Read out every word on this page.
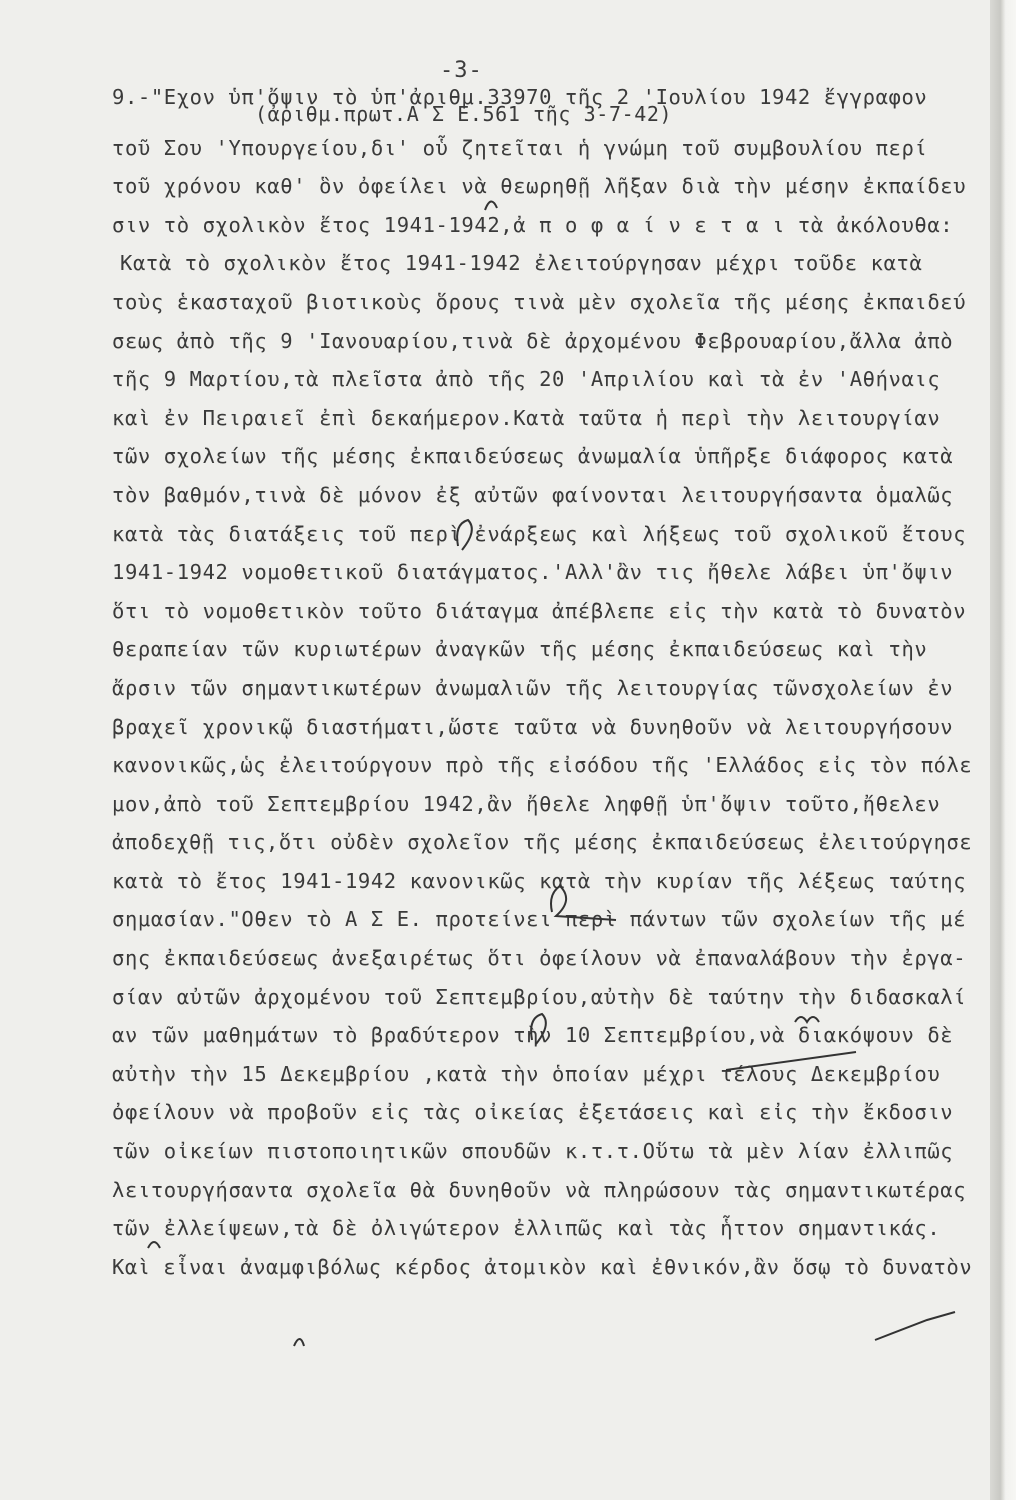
-3-
(ἀριθμ.πρωτ.Α Σ Ε.561 τῆς 3-7-42)
9.-"Εχον ὑπ'ὄψιν τὸ ὑπ'ἀριθμ.33970 τῆς 2 'Ιουλίου 1942 ἔγγραφον
τοῦ Σου 'Υπουργείου,δι' οὗ ζητεῖται ἡ γνώμη τοῦ συμβουλίου περί
τοῦ χρόνου καθ' ὃν ὀφείλει νὰ θεωρηθῇ λῆξαν διὰ τὴν μέσην ἐκπαίδευ
σιν τὸ σχολικὸν ἔτος 1941-1942,ἀ π ο φ α ί ν ε τ α ι τὰ ἀκόλουθα:
Κατὰ τὸ σχολικὸν ἔτος 1941-1942 ἐλειτούργησαν μέχρι τοῦδε κατὰ
τοὺς ἑκασταχοῦ βιοτικοὺς ὅρους τινὰ μὲν σχολεῖα τῆς μέσης ἐκπαιδεύ
σεως ἀπὸ τῆς 9 'Ιανουαρίου,τινὰ δὲ ἀρχομένου Φεβρουαρίου,ἄλλα ἀπὸ
τῆς 9 Μαρτίου,τὰ πλεῖστα ἀπὸ τῆς 20 'Απριλίου καὶ τὰ ἐν 'Αθήναις
καὶ ἐν Πειραιεῖ ἐπὶ δεκαήμερον.Κατὰ ταῦτα ἡ περὶ τὴν λειτουργίαν
τῶν σχολείων τῆς μέσης ἐκπαιδεύσεως ἀνωμαλία ὑπῆρξε διάφορος κατὰ
τὸν βαθμόν,τινὰ δὲ μόνον ἐξ αὐτῶν φαίνονται λειτουργήσαντα ὁμαλῶς
κατὰ τὰς διατάξεις τοῦ περὶ ἐνάρξεως καὶ λήξεως τοῦ σχολικοῦ ἔτους
1941-1942 νομοθετικοῦ διατάγματος.'Αλλ'ἂν τις ἤθελε λάβει ὑπ'ὄψιν
ὅτι τὸ νομοθετικὸν τοῦτο διάταγμα ἀπέβλεπε εἰς τὴν κατὰ τὸ δυνατὸν
θεραπείαν τῶν κυριωτέρων ἀναγκῶν τῆς μέσης ἐκπαιδεύσεως καὶ τὴν
ἄρσιν τῶν σημαντικωτέρων ἀνωμαλιῶν τῆς λειτουργίας τῶνσχολείων ἐν
βραχεῖ χρονικῷ διαστήματι,ὥστε ταῦτα νὰ δυνηθοῦν νὰ λειτουργήσουν
κανονικῶς,ὡς ἐλειτούργουν πρὸ τῆς εἰσόδου τῆς 'Ελλάδος εἰς τὸν πόλε
μον,ἀπὸ τοῦ Σεπτεμβρίου 1942,ἂν ἤθελε ληφθῇ ὑπ'ὄψιν τοῦτο,ἤθελεν
ἀποδεχθῇ τις,ὅτι οὐδὲν σχολεῖον τῆς μέσης ἐκπαιδεύσεως ἐλειτούργησε
κατὰ τὸ ἔτος 1941-1942 κανονικῶς κατὰ τὴν κυρίαν τῆς λέξεως ταύτης
σημασίαν."Οθεν τὸ Α Σ Ε. προτείνει περὶ πάντων τῶν σχολείων τῆς μέ
σης ἐκπαιδεύσεως ἀνεξαιρέτως ὅτι ὀφείλουν νὰ ἐπαναλάβουν τὴν ἐργα-
σίαν αὐτῶν ἀρχομένου τοῦ Σεπτεμβρίου,αὐτὴν δὲ ταύτην τὴν διδασκαλί
αν τῶν μαθημάτων τὸ βραδύτερον τὴν 10 Σεπτεμβρίου,νὰ διακόψουν δὲ
αὐτὴν τὴν 15 Δεκεμβρίου ,κατὰ τὴν ὁποίαν μέχρι τέλους Δεκεμβρίου
ὀφείλουν νὰ προβοῦν εἰς τὰς οἰκείας ἐξετάσεις καὶ εἰς τὴν ἔκδοσιν
τῶν οἰκείων πιστοποιητικῶν σπουδῶν κ.τ.τ.Οὕτω τὰ μὲν λίαν ἐλλιπῶς
λειτουργήσαντα σχολεῖα θὰ δυνηθοῦν νὰ πληρώσουν τὰς σημαντικωτέρας
τῶν ἐλλείψεων,τὰ δὲ ὀλιγώτερον ἐλλιπῶς καὶ τὰς ἧττον σημαντικάς.
Καὶ εἶναι ἀναμφιβόλως κέρδος ἀτομικὸν καὶ ἐθνικόν,ἂν ὅσῳ τὸ δυνατὸν
